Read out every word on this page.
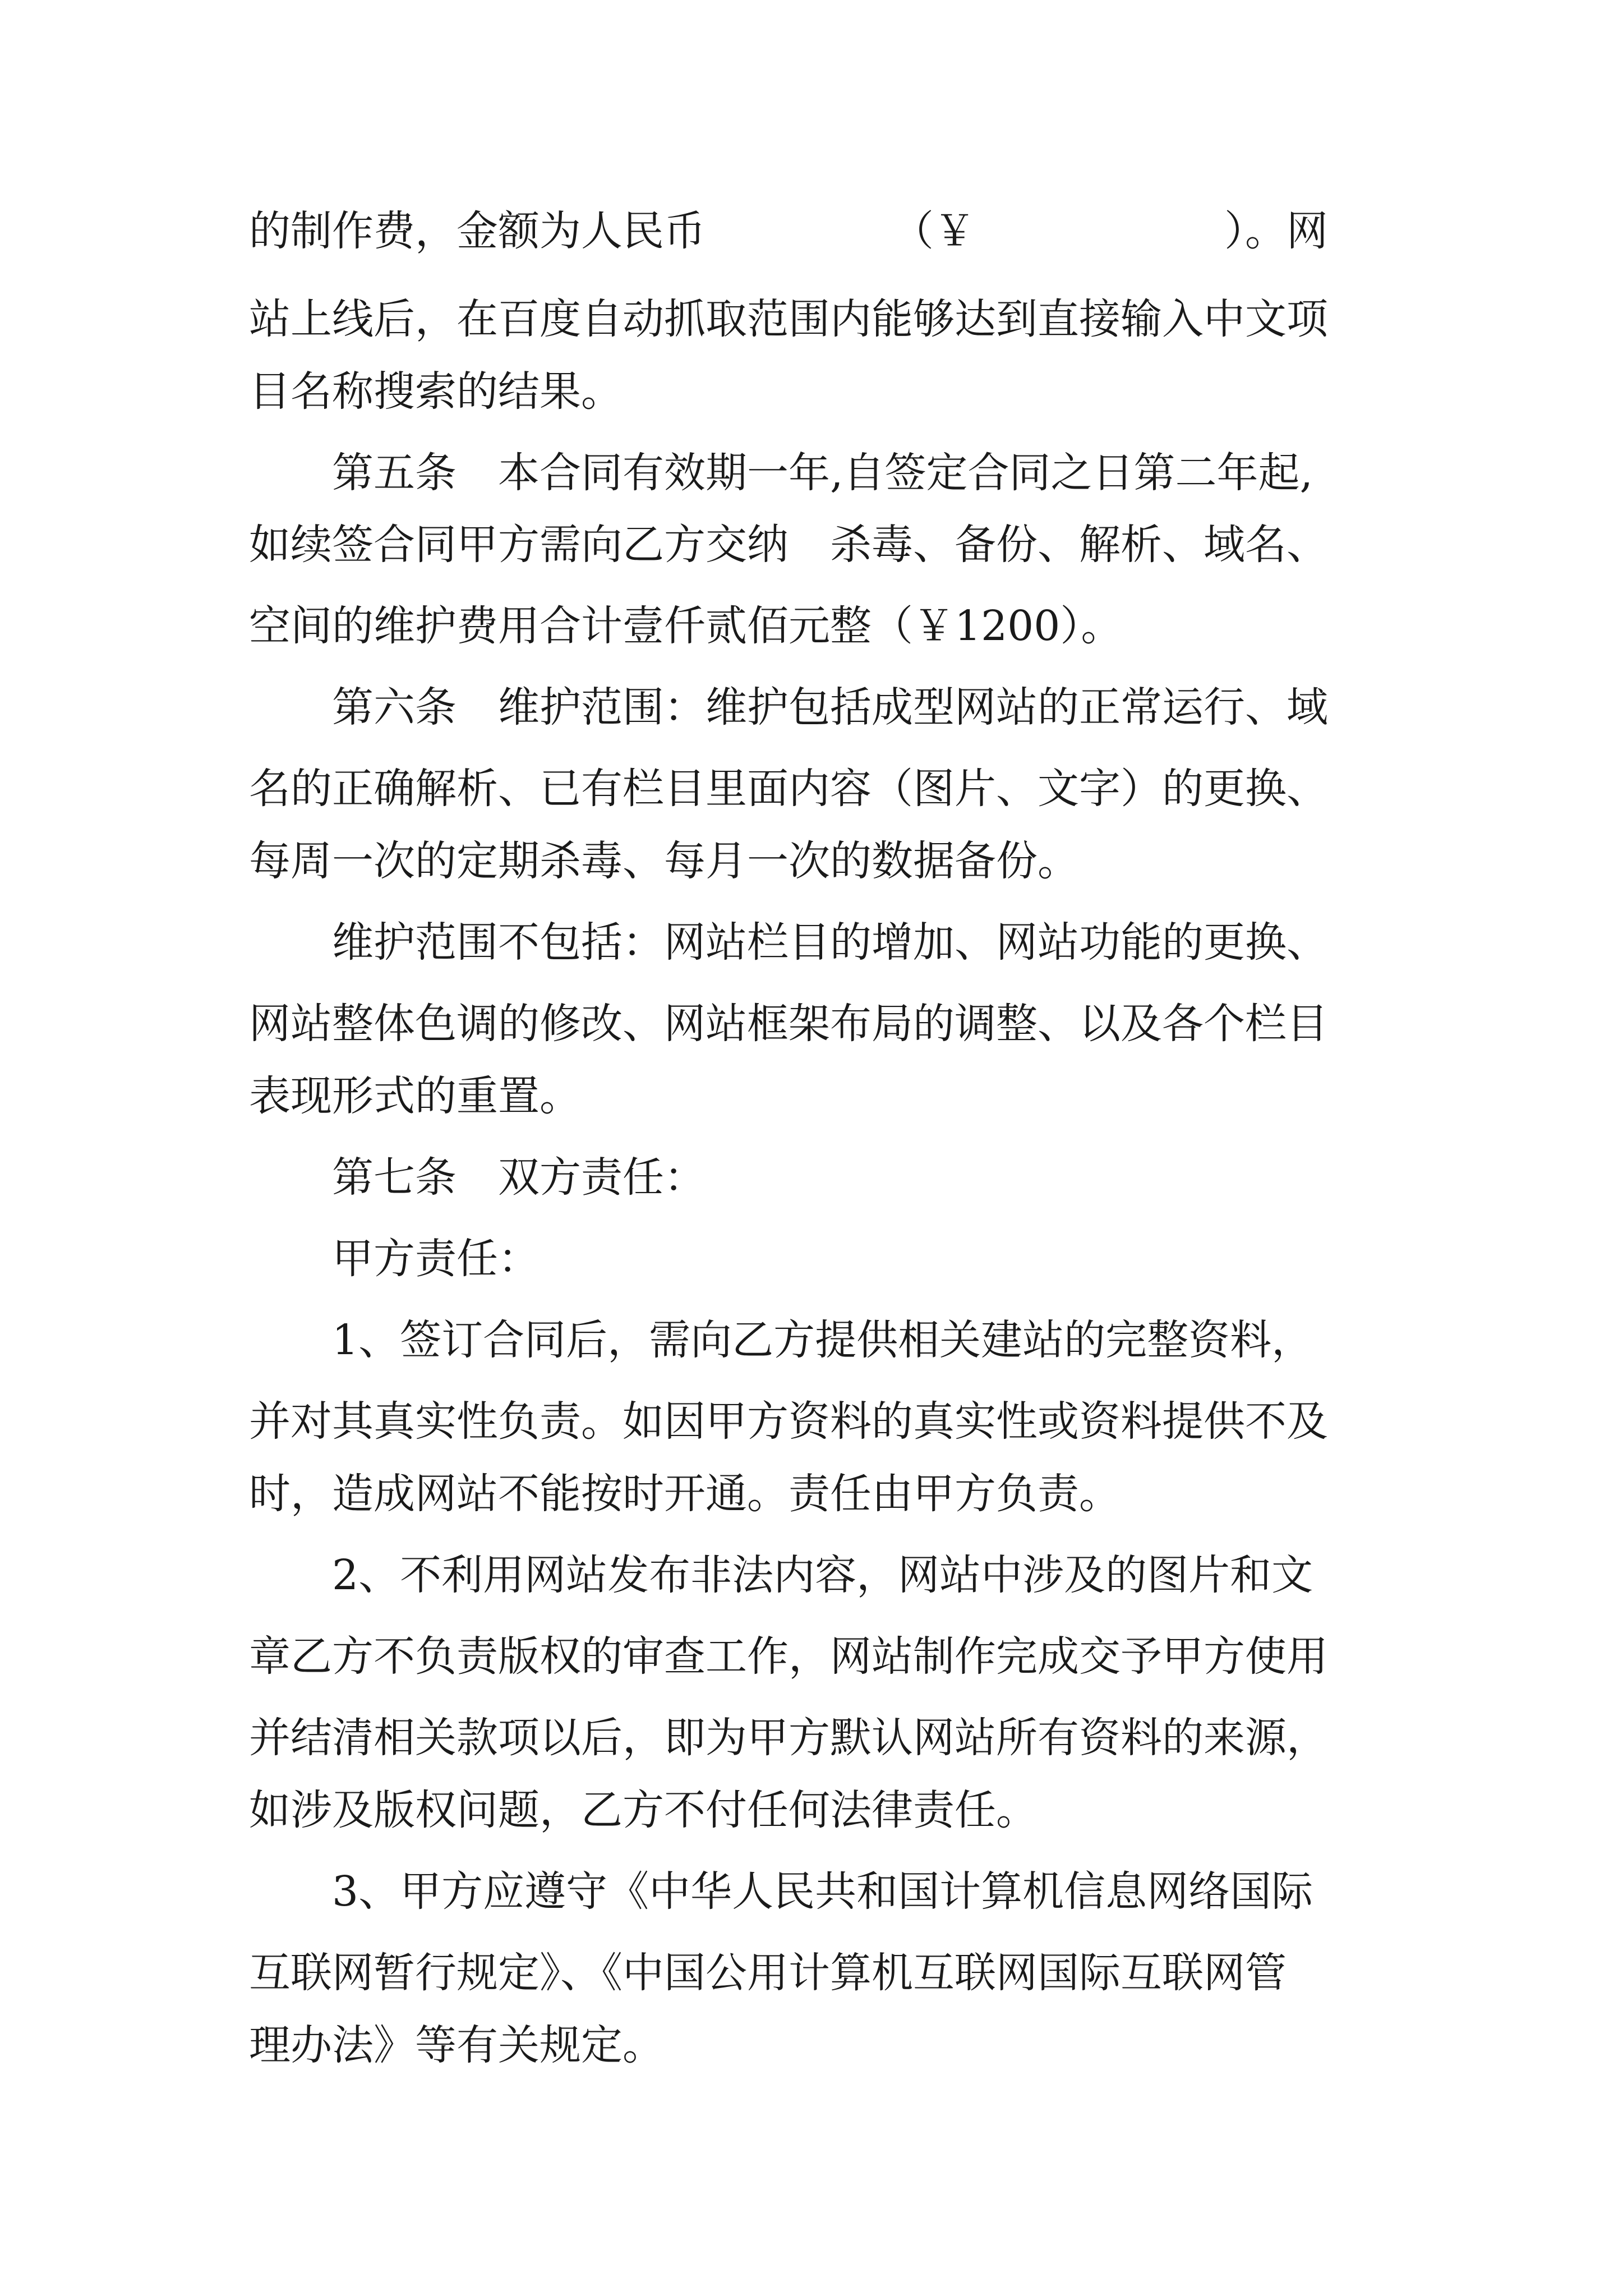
的制作费，金额为人民币　　　　　（￥　　　　　　）。网
站上线后，在百度自动抓取范围内能够达到直接输入中文项
目名称搜索的结果。
　　第五条　本合同有效期一年,自签定合同之日第二年起,
如续签合同甲方需向乙方交纳　杀毒、备份、解析、域名、
空间的维护费用合计壹仟贰佰元整（￥1200）。
　　第六条　维护范围：维护包括成型网站的正常运行、域
名的正确解析、已有栏目里面内容（图片、文字）的更换、
每周一次的定期杀毒、每月一次的数据备份。
　　维护范围不包括：网站栏目的增加、网站功能的更换、
网站整体色调的修改、网站框架布局的调整、以及各个栏目
表现形式的重置。
　　第七条　双方责任：
　　甲方责任：
　　1、签订合同后，需向乙方提供相关建站的完整资料，
并对其真实性负责。如因甲方资料的真实性或资料提供不及
时，造成网站不能按时开通。责任由甲方负责。
　　2、不利用网站发布非法内容，网站中涉及的图片和文
章乙方不负责版权的审查工作，网站制作完成交予甲方使用
并结清相关款项以后，即为甲方默认网站所有资料的来源，
如涉及版权问题，乙方不付任何法律责任。
　　3、甲方应遵守《中华人民共和国计算机信息网络国际
互联网暂行规定》、《中国公用计算机互联网国际互联网管
理办法》等有关规定。
